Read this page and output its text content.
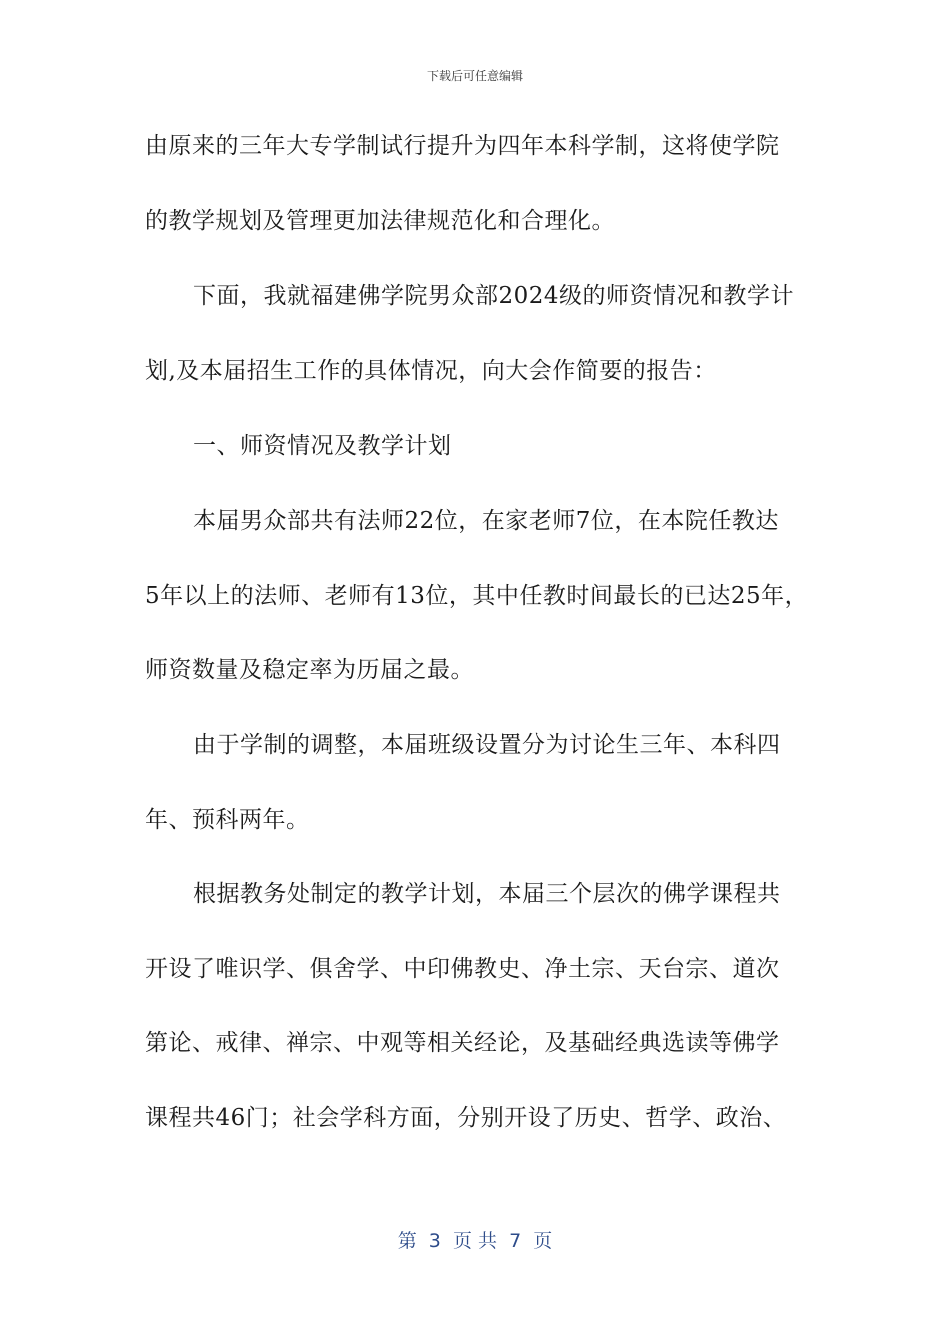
下载后可任意编辑
由原来的三年大专学制试行提升为四年本科学制，这将使学院
的教学规划及管理更加法律规范化和合理化。
下面，我就福建佛学院男众部2024级的师资情况和教学计
划,及本届招生工作的具体情况，向大会作简要的报告：
一、师资情况及教学计划
本届男众部共有法师22位，在家老师7位，在本院任教达
5年以上的法师、老师有13位，其中任教时间最长的已达25年，
师资数量及稳定率为历届之最。
由于学制的调整，本届班级设置分为讨论生三年、本科四
年、预科两年。
根据教务处制定的教学计划，本届三个层次的佛学课程共
开设了唯识学、俱舍学、中印佛教史、净土宗、天台宗、道次
第论、戒律、禅宗、中观等相关经论，及基础经典选读等佛学
课程共46门；社会学科方面，分别开设了历史、哲学、政治、
第  3  页 共  7  页
